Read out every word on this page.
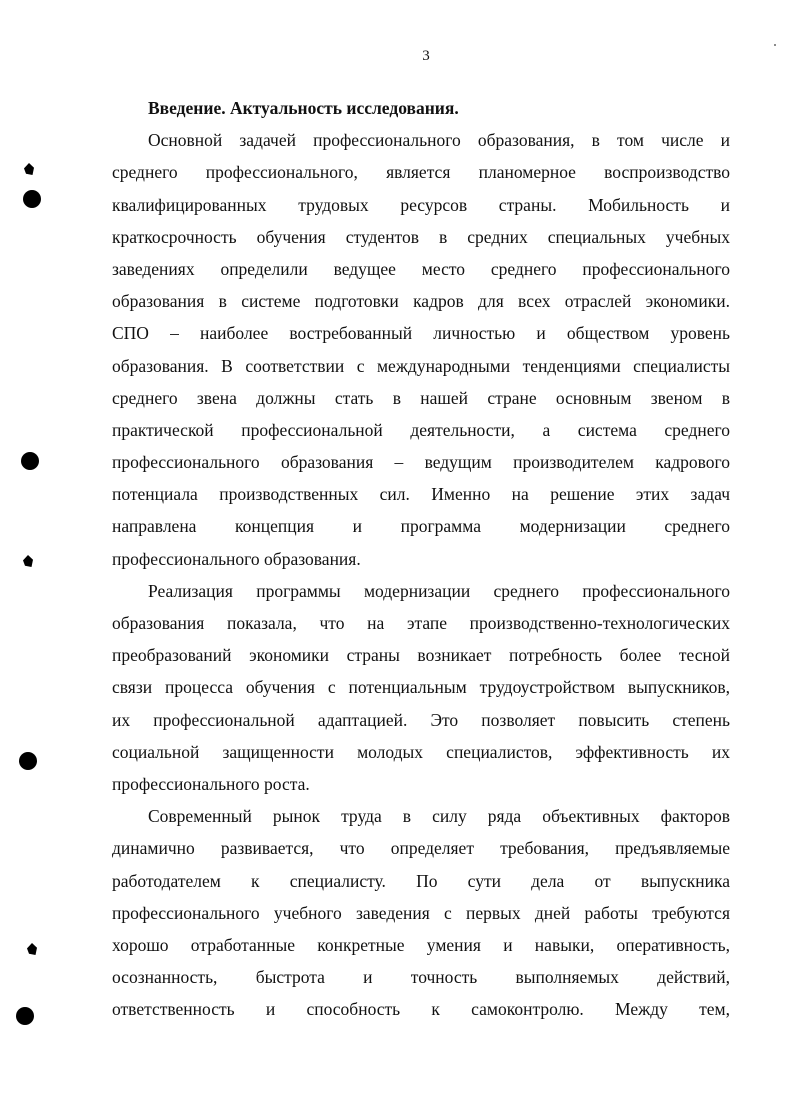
3
Введение. Актуальность исследования.
Основной задачей профессионального образования, в том числе и
среднего профессионального, является планомерное воспроизводство
квалифицированных трудовых ресурсов страны. Мобильность и
краткосрочность обучения студентов в средних специальных учебных
заведениях определили ведущее место среднего профессионального
образования в системе подготовки кадров для всех отраслей экономики.
СПО – наиболее востребованный личностью и обществом уровень
образования. В соответствии с международными тенденциями специалисты
среднего звена должны стать в нашей стране основным звеном в
практической профессиональной деятельности, а система среднего
профессионального образования – ведущим производителем кадрового
потенциала производственных сил. Именно на решение этих задач
направлена концепция и программа модернизации среднего
профессионального образования.
Реализация программы модернизации среднего профессионального
образования показала, что на этапе производственно-технологических
преобразований экономики страны возникает потребность более тесной
связи процесса обучения с потенциальным трудоустройством выпускников,
их профессиональной адаптацией. Это позволяет повысить степень
социальной защищенности молодых специалистов, эффективность их
профессионального роста.
Современный рынок труда в силу ряда объективных факторов
динамично развивается, что определяет требования, предъявляемые
работодателем к специалисту. По сути дела от выпускника
профессионального учебного заведения с первых дней работы требуются
хорошо отработанные конкретные умения и навыки, оперативность,
осознанность, быстрота и точность выполняемых действий,
ответственность и способность к самоконтролю. Между тем,
